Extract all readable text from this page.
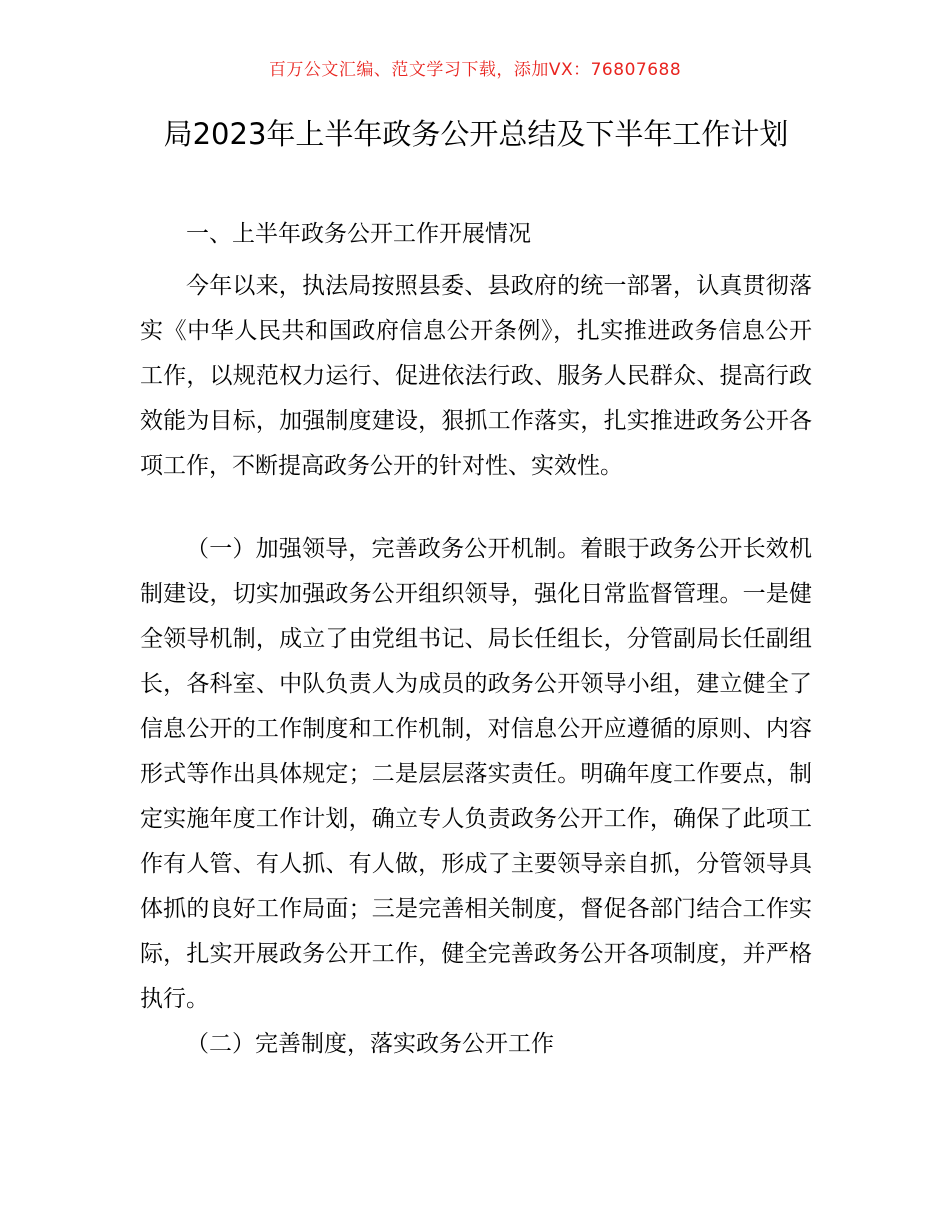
百万公文汇编、范文学习下载，添加VX：76807688
局2023年上半年政务公开总结及下半年工作计划

一、上半年政务公开工作开展情况

今年以来，执法局按照县委、县政府的统一部署，认真贯彻落实《中华人民共和国政府信息公开条例》，扎实推进政务信息公开工作，以规范权力运行、促进依法行政、服务人民群众、提高行政效能为目标，加强制度建设，狠抓工作落实，扎实推进政务公开各项工作，不断提高政务公开的针对性、实效性。

（一）加强领导，完善政务公开机制。着眼于政务公开长效机制建设，切实加强政务公开组织领导，强化日常监督管理。一是健全领导机制，成立了由党组书记、局长任组长，分管副局长任副组长，各科室、中队负责人为成员的政务公开领导小组，建立健全了信息公开的工作制度和工作机制，对信息公开应遵循的原则、内容形式等作出具体规定；二是层层落实责任。明确年度工作要点，制定实施年度工作计划，确立专人负责政务公开工作，确保了此项工作有人管、有人抓、有人做，形成了主要领导亲自抓，分管领导具体抓的良好工作局面；三是完善相关制度，督促各部门结合工作实际，扎实开展政务公开工作，健全完善政务公开各项制度，并严格执行。

（二）完善制度，落实政务公开工作
